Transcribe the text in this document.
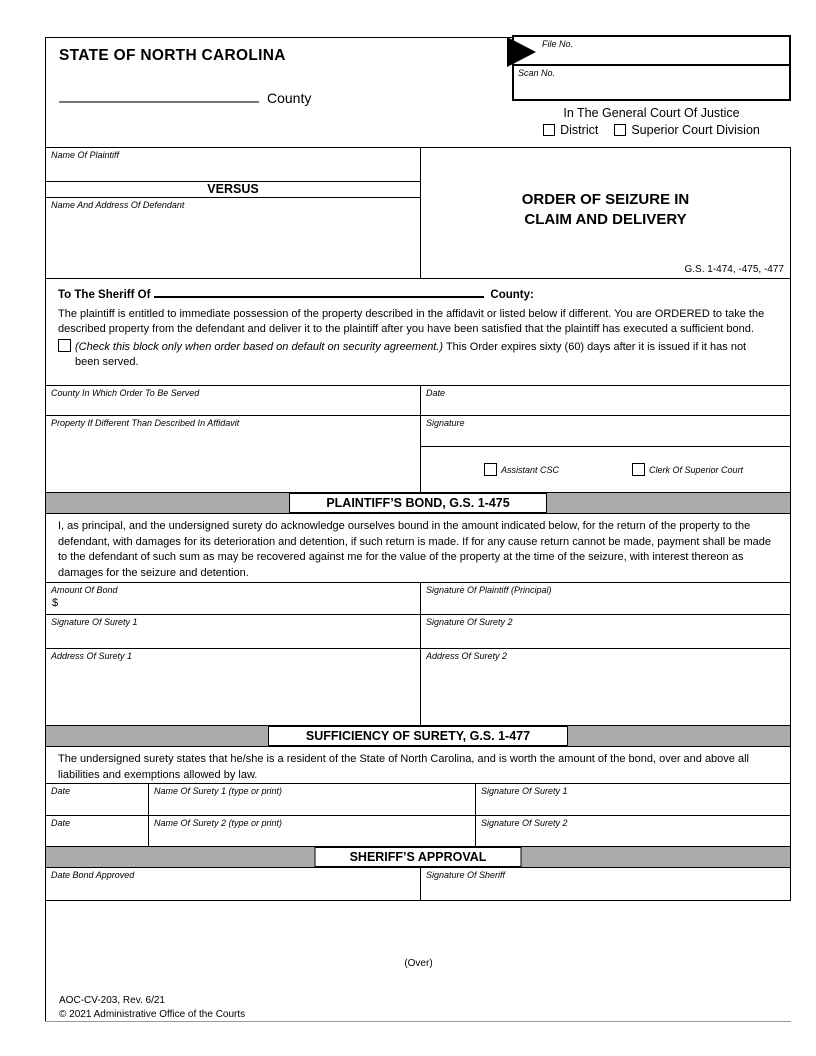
STATE OF NORTH CAROLINA
County
File No.
Scan No.
In The General Court Of Justice
District	Superior Court Division
Name Of Plaintiff
VERSUS
Name And Address Of Defendant	ORDER OF SEIZURE IN
CLAIM AND DELIVERY
G.S. 1-474, -475, -477
To The Sheriff Of	County:
The plaintiff is entitled to immediate possession of the property described in the affidavit or listed below if different. You are ORDERED to take the described property from the defendant and deliver it to the plaintiff after you have been satisfied that the plaintiff has executed a sufficient bond.
(Check this block only when order based on default on security agreement.) This Order expires sixty (60) days after it is issued if it has not
been served.
County In Which Order To Be Served	Date
Property If Different Than Described In Affidavit	Signature
Assistant CSC	Clerk Of Superior Court
PLAINTIFF’S BOND, G.S. 1-475
I, as principal, and the undersigned surety do acknowledge ourselves bound in the amount indicated below, for the return of the property to the defendant, with damages for its deterioration and detention, if such return is made. If for any cause return cannot be made, payment shall be made to the defendant of such sum as may be recovered against me for the value of the property at the time of the seizure, with interest thereon as damages for the seizure and detention.
Amount Of Bond
$
Signature Of Plaintiff (Principal)
Signature Of Surety 1	Signature Of Surety 2
Address Of Surety 1	Address Of Surety 2
SUFFICIENCY OF SURETY, G.S. 1-477
The undersigned surety states that he/she is a resident of the State of North Carolina, and is worth the amount of the bond, over and above all liabilities and exemptions allowed by law.
Date	Name Of Surety 1 (type or print)	Signature Of Surety 1
Date	Name Of Surety 2 (type or print)	Signature Of Surety 2
SHERIFF’S APPROVAL
Date Bond Approved	Signature Of Sheriff
(Over)
AOC-CV-203, Rev. 6/21
© 2021 Administrative Office of the Courts
